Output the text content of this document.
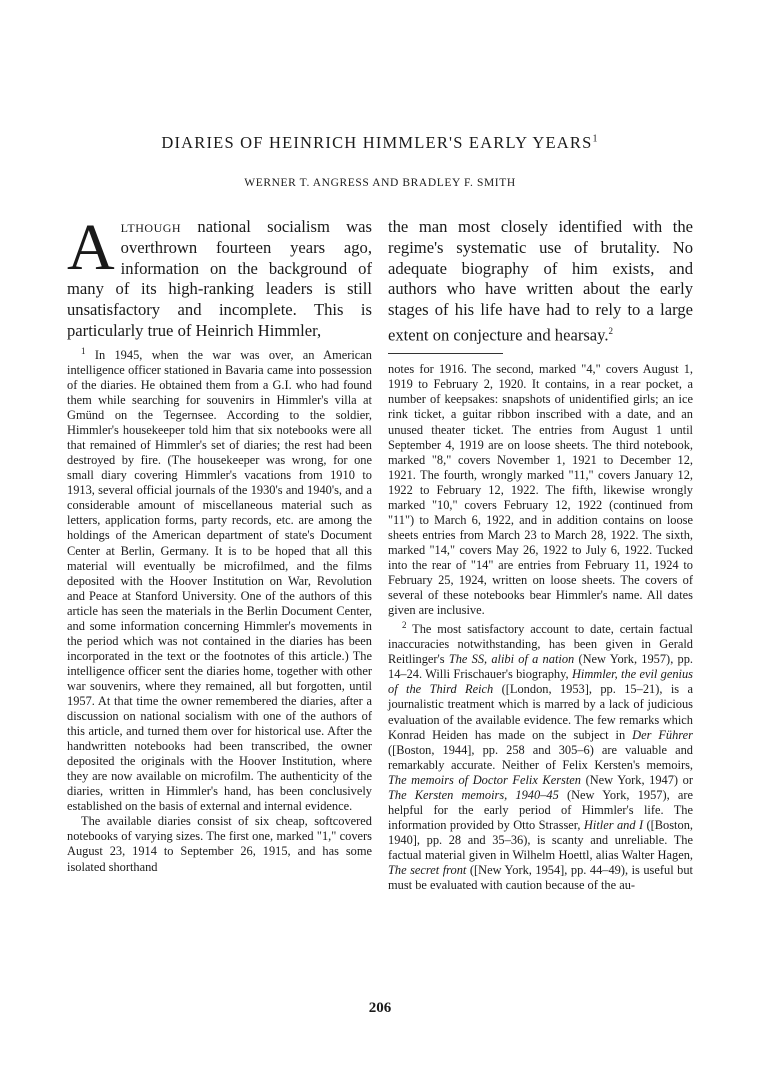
DIARIES OF HEINRICH HIMMLER'S EARLY YEARS$^1$
WERNER T. ANGRESS AND BRADLEY F. SMITH

Although national socialism was overthrown fourteen years ago, information on the background of many of its high-ranking leaders is still unsatisfactory and incomplete. This is particularly true of Heinrich Himmler,

$^1$ In 1945, when the war was over, an American intelligence officer stationed in Bavaria came into possession of the diaries. He obtained them from a G.I. who had found them while searching for souvenirs in Himmler's villa at Gmünd on the Tegernsee. According to the soldier, Himmler's housekeeper told him that six notebooks were all that remained of Himmler's set of diaries; the rest had been destroyed by fire. (The housekeeper was wrong, for one small diary covering Himmler's vacations from 1910 to 1913, several official journals of the 1930's and 1940's, and a considerable amount of miscellaneous material such as letters, application forms, party records, etc. are among the holdings of the American department of state's Document Center at Berlin, Germany. It is to be hoped that all this material will eventually be microfilmed, and the films deposited with the Hoover Institution on War, Revolution and Peace at Stanford University. One of the authors of this article has seen the materials in the Berlin Document Center, and some information concerning Himmler's movements in the period which was not contained in the diaries has been incorporated in the text or the footnotes of this article.) The intelligence officer sent the diaries home, together with other war souvenirs, where they remained, all but forgotten, until 1957. At that time the owner remembered the diaries, after a discussion on national socialism with one of the authors of this article, and turned them over for historical use. After the handwritten notebooks had been transcribed, the owner deposited the originals with the Hoover Institution, where they are now available on microfilm. The authenticity of the diaries, written in Himmler's hand, has been conclusively established on the basis of external and internal evidence.

The available diaries consist of six cheap, softcovered notebooks of varying sizes. The first one, marked "1," covers August 23, 1914 to September 26, 1915, and has some isolated shorthand

the man most closely identified with the regime's systematic use of brutality. No adequate biography of him exists, and authors who have written about the early stages of his life have had to rely to a large extent on conjecture and hearsay.$^2$

notes for 1916. The second, marked "4," covers August 1, 1919 to February 2, 1920. It contains, in a rear pocket, a number of keepsakes: snapshots of unidentified girls; an ice rink ticket, a guitar ribbon inscribed with a date, and an unused theater ticket. The entries from August 1 until September 4, 1919 are on loose sheets. The third notebook, marked "8," covers November 1, 1921 to December 12, 1921. The fourth, wrongly marked "11," covers January 12, 1922 to February 12, 1922. The fifth, likewise wrongly marked "10," covers February 12, 1922 (continued from "11") to March 6, 1922, and in addition contains on loose sheets entries from March 23 to March 28, 1922. The sixth, marked "14," covers May 26, 1922 to July 6, 1922. Tucked into the rear of "14" are entries from February 11, 1924 to February 25, 1924, written on loose sheets. The covers of several of these notebooks bear Himmler's name. All dates given are inclusive.

$^2$ The most satisfactory account to date, certain factual inaccuracies notwithstanding, has been given in Gerald Reitlinger's The SS, alibi of a nation (New York, 1957), pp. 14–24. Willi Frischauer's biography, Himmler, the evil genius of the Third Reich ([London, 1953], pp. 15–21), is a journalistic treatment which is marred by a lack of judicious evaluation of the available evidence. The few remarks which Konrad Heiden has made on the subject in Der Führer ([Boston, 1944], pp. 258 and 305–6) are valuable and remarkably accurate. Neither of Felix Kersten's memoirs, The memoirs of Doctor Felix Kersten (New York, 1947) or The Kersten memoirs, 1940–45 (New York, 1957), are helpful for the early period of Himmler's life. The information provided by Otto Strasser, Hitler and I ([Boston, 1940], pp. 28 and 35–36), is scanty and unreliable. The factual material given in Wilhelm Hoettl, alias Walter Hagen, The secret front ([New York, 1954], pp. 44–49), is useful but must be evaluated with caution because of the au-

206
